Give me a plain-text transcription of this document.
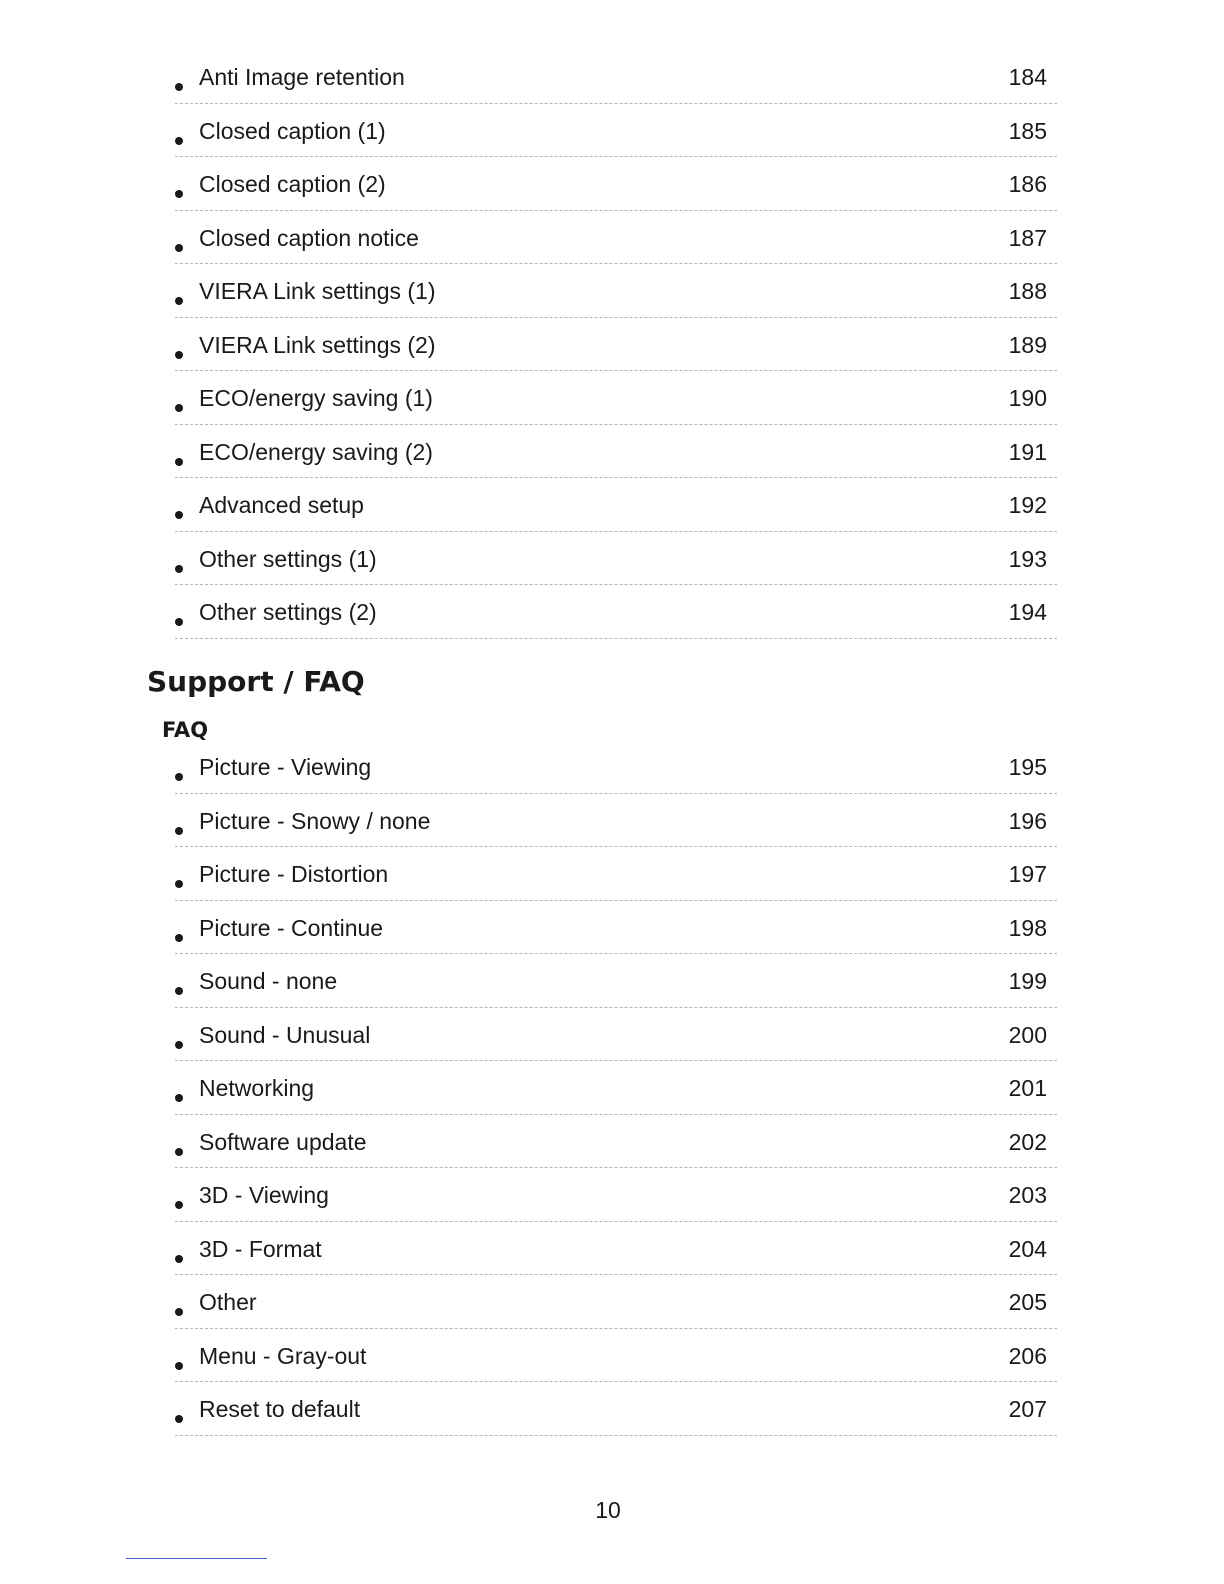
Anti Image retention	184
Closed caption (1)	185
Closed caption (2)	186
Closed caption notice	187
VIERA Link settings (1)	188
VIERA Link settings (2)	189
ECO/energy saving (1)	190
ECO/energy saving (2)	191
Advanced setup	192
Other settings (1)	193
Other settings (2)	194
Support / FAQ
FAQ
Picture - Viewing	195
Picture - Snowy / none	196
Picture - Distortion	197
Picture - Continue	198
Sound - none	199
Sound - Unusual	200
Networking	201
Software update	202
3D - Viewing	203
3D - Format	204
Other	205
Menu - Gray-out	206
Reset to default	207
10
